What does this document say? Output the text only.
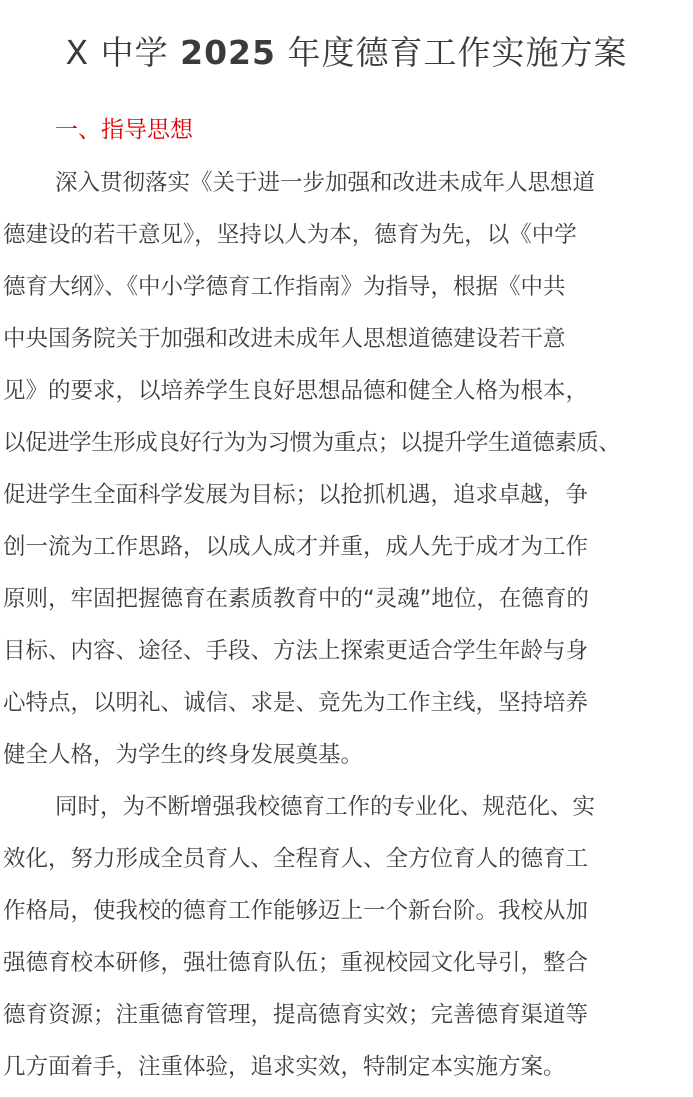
X 中学 2025 年度德育工作实施方案
一、指导思想
深入贯彻落实《关于进一步加强和改进未成年人思想道
德建设的若干意见》，坚持以人为本，德育为先，以《中学
德育大纲》、《中小学德育工作指南》为指导，根据《中共
中央国务院关于加强和改进未成年人思想道德建设若干意
见》的要求，以培养学生良好思想品德和健全人格为根本，
以促进学生形成良好行为为习惯为重点；以提升学生道德素质、
促进学生全面科学发展为目标；以抢抓机遇，追求卓越，争
创一流为工作思路，以成人成才并重，成人先于成才为工作
原则，牢固把握德育在素质教育中的“灵魂”地位，在德育的
目标、内容、途径、手段、方法上探索更适合学生年龄与身
心特点，以明礼、诚信、求是、竞先为工作主线，坚持培养
健全人格，为学生的终身发展奠基。
同时，为不断增强我校德育工作的专业化、规范化、实
效化，努力形成全员育人、全程育人、全方位育人的德育工
作格局，使我校的德育工作能够迈上一个新台阶。我校从加
强德育校本研修，强壮德育队伍；重视校园文化导引，整合
德育资源；注重德育管理，提高德育实效；完善德育渠道等
几方面着手，注重体验，追求实效，特制定本实施方案。
